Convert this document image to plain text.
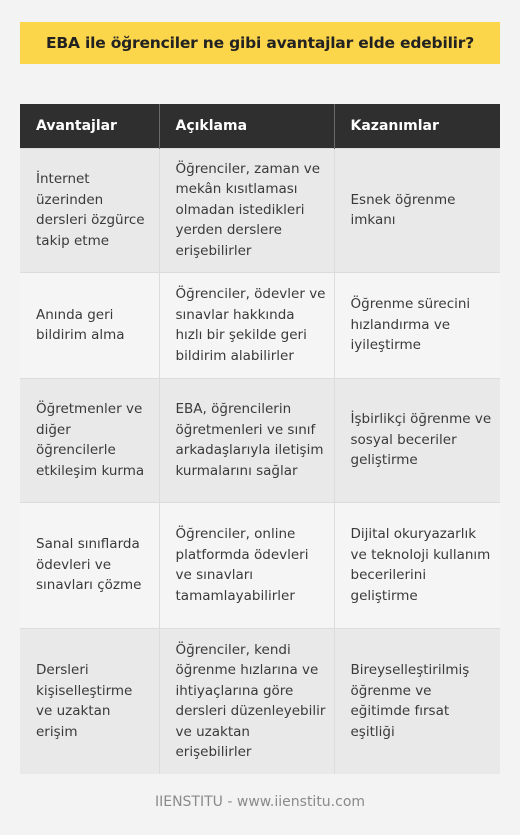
EBA ile öğrenciler ne gibi avantajlar elde edebilir?
Avantajlar	Açıklama	Kazanımlar
İnternet üzerinden dersleri özgürce takip etme	Öğrenciler, zaman ve mekân kısıtlaması olmadan istedikleri yerden derslere erişebilirler	Esnek öğrenme imkanı
Anında geri bildirim alma	Öğrenciler, ödevler ve sınavlar hakkında hızlı bir şekilde geri bildirim alabilirler	Öğrenme sürecini hızlandırma ve iyileştirme
Öğretmenler ve diğer öğrencilerle etkileşim kurma	EBA, öğrencilerin öğretmenleri ve sınıf arkadaşlarıyla iletişim kurmalarını sağlar	İşbirlikçi öğrenme ve sosyal beceriler geliştirme
Sanal sınıflarda ödevleri ve sınavları çözme	Öğrenciler, online platformda ödevleri ve sınavları tamamlayabilirler	Dijital okuryazarlık ve teknoloji kullanım becerilerini geliştirme
Dersleri kişiselleştirme ve uzaktan erişim	Öğrenciler, kendi öğrenme hızlarına ve ihtiyaçlarına göre dersleri düzenleyebilir ve uzaktan erişebilirler	Bireyselleştirilmiş öğrenme ve eğitimde fırsat eşitliği
IIENSTITU - www.iienstitu.com
